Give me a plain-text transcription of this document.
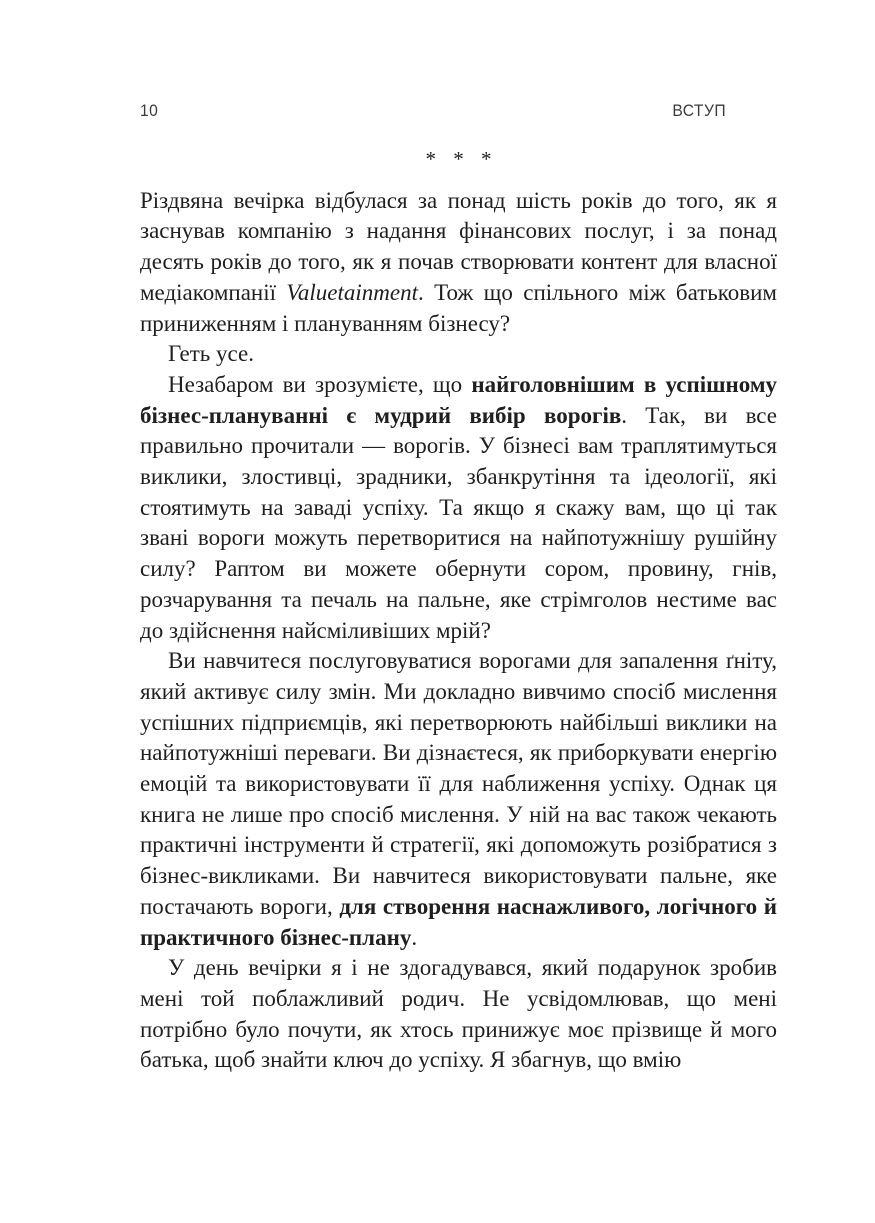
10	ВСТУП
* * *

Різдвяна вечірка відбулася за понад шість років до того, як я заснував компанію з надання фінансових послуг, і за понад десять років до того, як я почав створювати контент для власної медіакомпанії Valuetainment. Тож що спільного між батьковим приниженням і плануванням бізнесу?

Геть усе.

Незабаром ви зрозумієте, що найголовнішим в успішному бізнес-плануванні є мудрий вибір ворогів. Так, ви все правильно прочитали — ворогів. У бізнесі вам траплятимуться виклики, злостивці, зрадники, збанкрутіння та ідеології, які стоятимуть на заваді успіху. Та якщо я скажу вам, що ці так звані вороги можуть перетворитися на найпотужнішу рушійну силу? Раптом ви можете обернути сором, провину, гнів, розчарування та печаль на пальне, яке стрімголов нестиме вас до здійснення найсміливіших мрій?

Ви навчитеся послуговуватися ворогами для запалення ґніту, який активує силу змін. Ми докладно вивчимо спосіб мислення успішних підприємців, які перетворюють найбільші виклики на найпотужніші переваги. Ви дізнаєтеся, як приборкувати енергію емоцій та використовувати її для наближення успіху. Однак ця книга не лише про спосіб мислення. У ній на вас також чекають практичні інструменти й стратегії, які допоможуть розібратися з бізнес-викликами. Ви навчитеся використовувати пальне, яке постачають вороги, для створення наснажливого, логічного й практичного бізнес-плану.

У день вечірки я і не здогадувався, який подарунок зробив мені той поблажливий родич. Не усвідомлював, що мені потрібно було почути, як хтось принижує моє прізвище й мого батька, щоб знайти ключ до успіху. Я збагнув, що вмію
